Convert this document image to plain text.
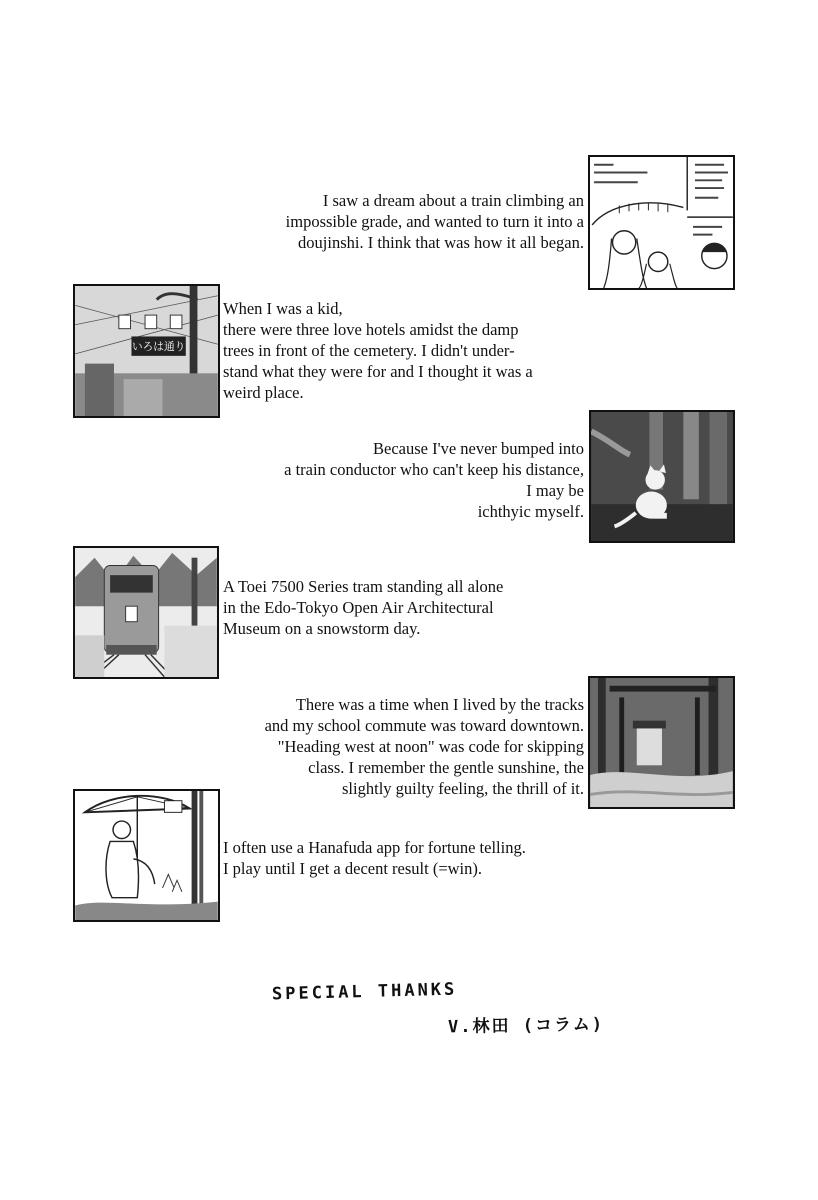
I saw a dream about a train climbing an
impossible grade, and wanted to turn it into a
doujinshi. I think that was how it all began.
いろは通り
When I was a kid,
there were three love hotels amidst the damp
trees in front of the cemetery. I didn't under-
stand what they were for and I thought it was a
weird place.
Because I've never bumped into
a train conductor who can't keep his distance,
I may be
ichthyic myself.
A Toei 7500 Series tram standing all alone
in the Edo-Tokyo Open Air Architectural
Museum on a snowstorm day.
There was a time when I lived by the tracks
and my school commute was toward downtown.
"Heading west at noon" was code for skipping
class. I remember the gentle sunshine, the
slightly guilty feeling, the thrill of it.
I often use a Hanafuda app for fortune telling.
I play until I get a decent result (=win).
SPECIAL THANKS
V.林田 (コラム)
